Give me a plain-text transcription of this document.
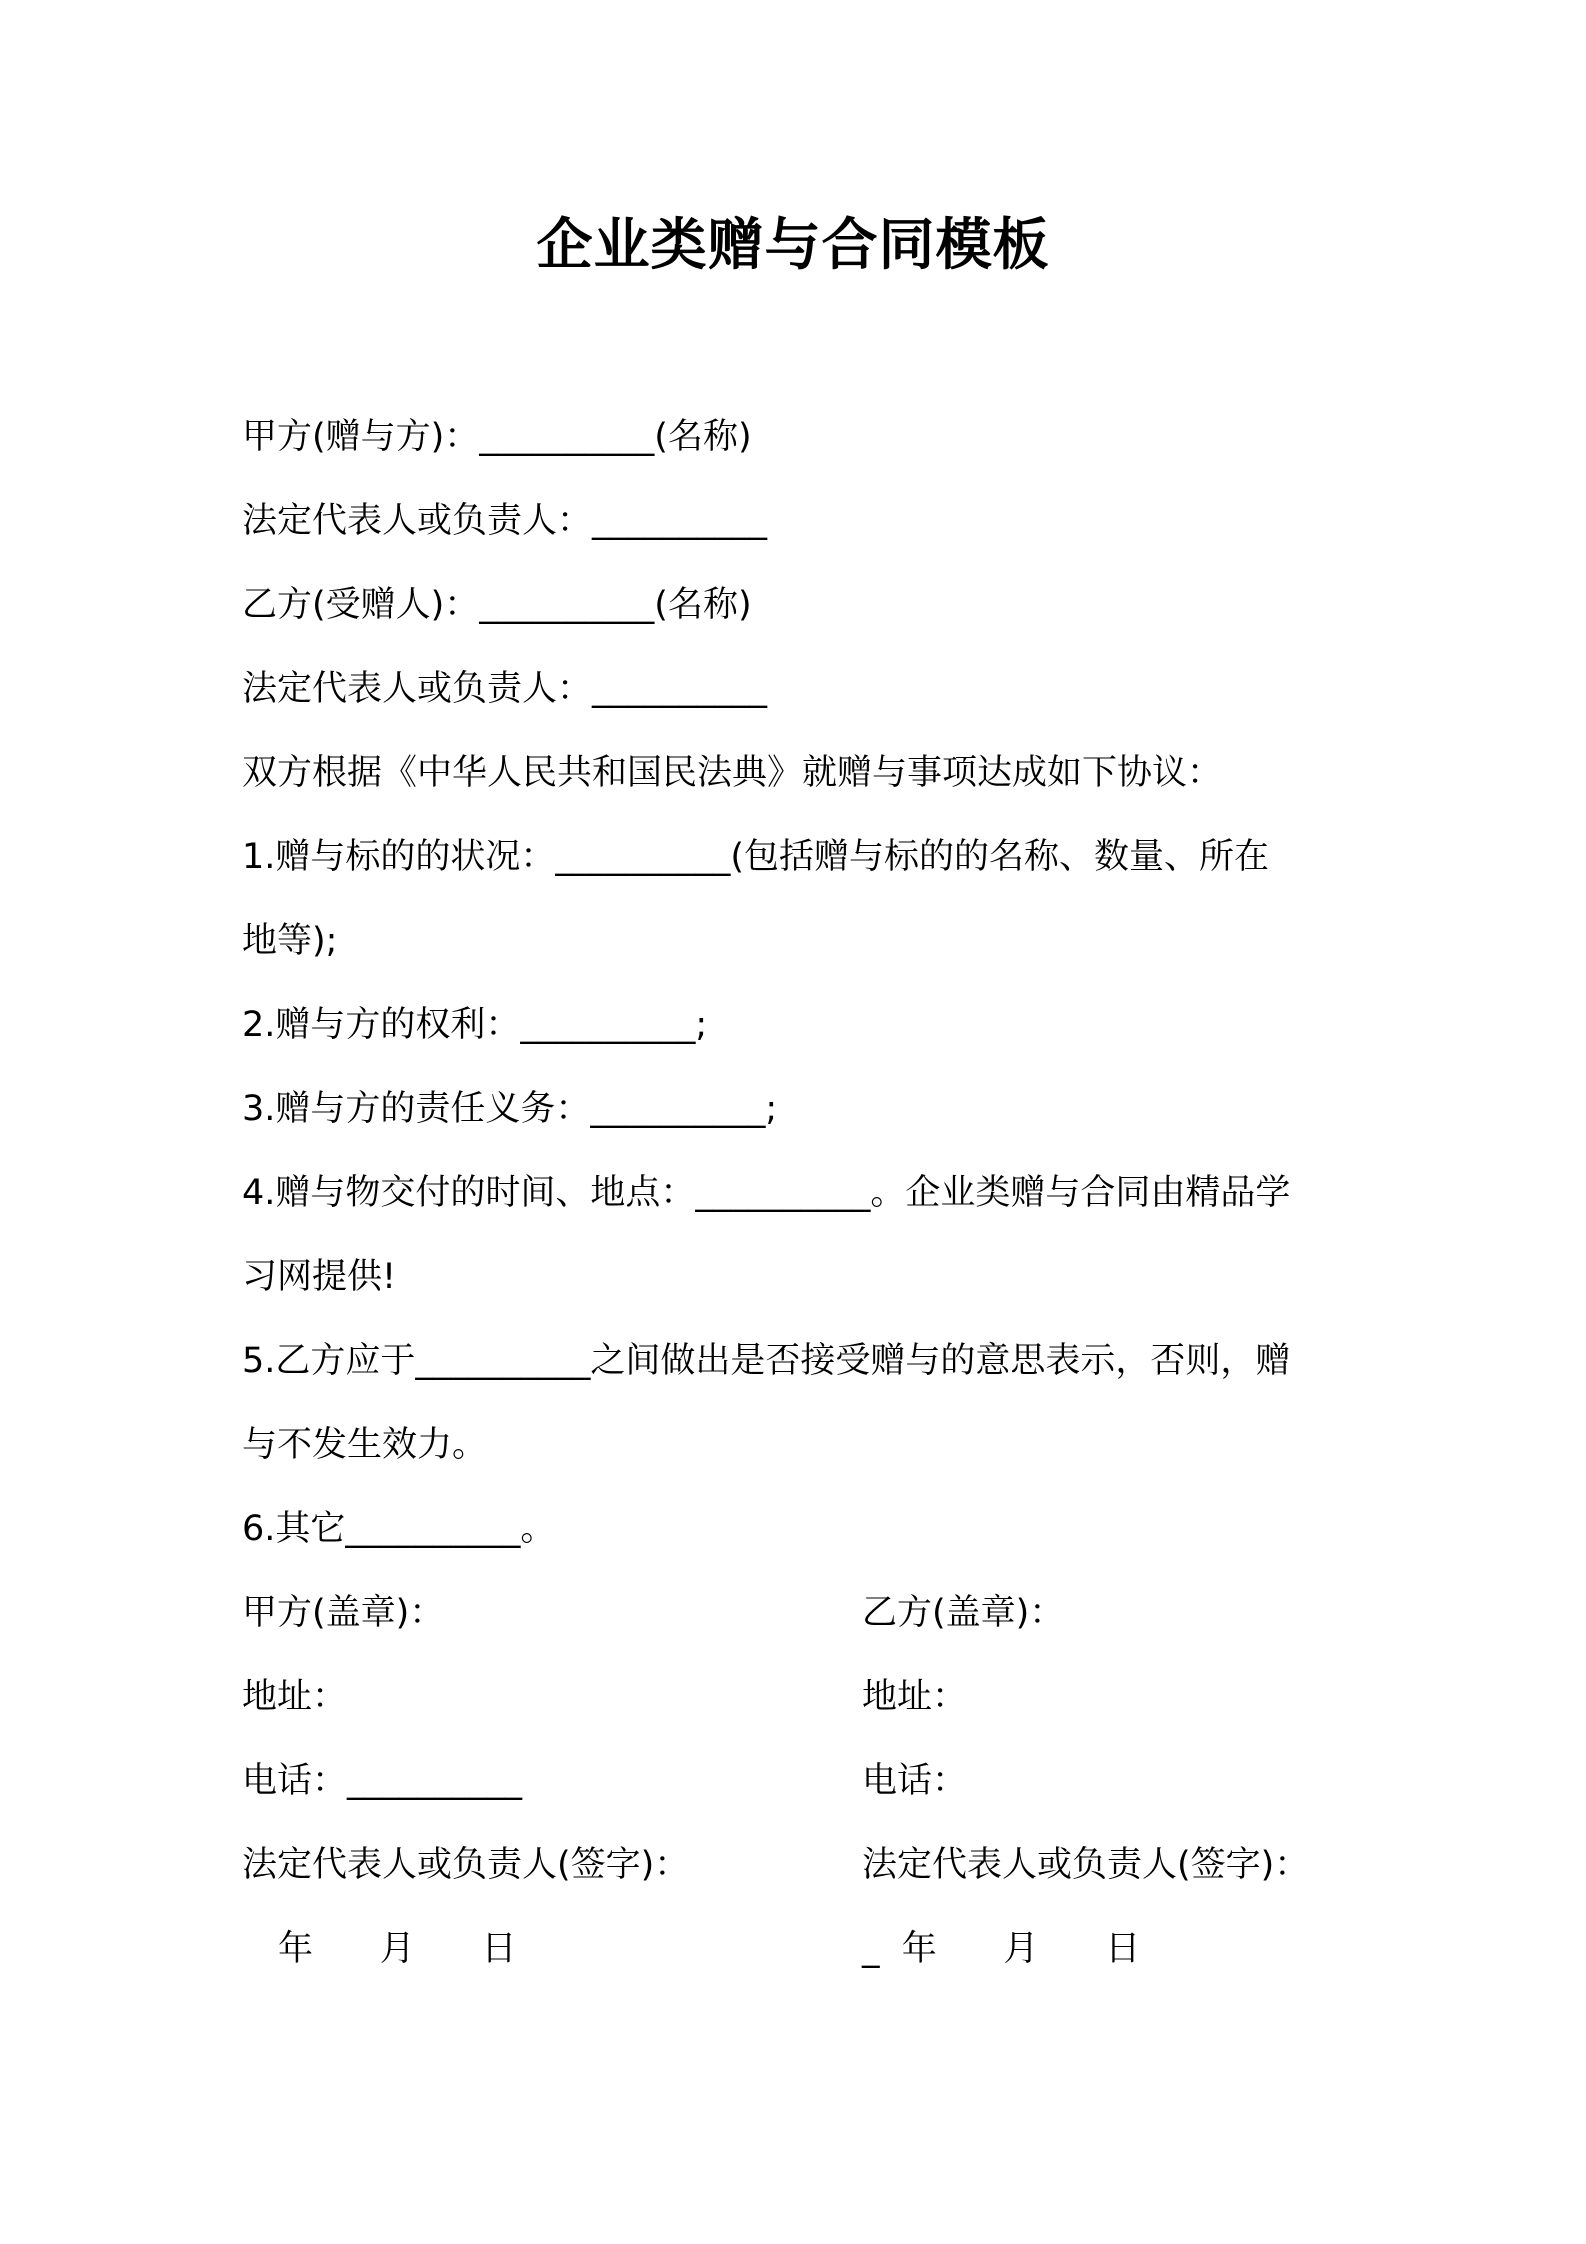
企业类赠与合同模板
甲方(赠与方)：__________(名称)
法定代表人或负责人：__________
乙方(受赠人)：__________(名称)
法定代表人或负责人：__________
双方根据《中华人民共和国民法典》就赠与事项达成如下协议：
1.赠与标的的状况：__________(包括赠与标的的名称、数量、所在
地等);
2.赠与方的权利：__________;
3.赠与方的责任义务：__________;
4.赠与物交付的时间、地点：__________。企业类赠与合同由精品学
习网提供!
5.乙方应于__________之间做出是否接受赠与的意思表示，否则，赠
与不发生效力。
6.其它__________。
甲方(盖章)：	乙方(盖章)：
地址：	地址：
电话：__________	电话：
法定代表人或负责人(签字)：	法定代表人或负责人(签字)：
年      月      日	_  年      月      日
